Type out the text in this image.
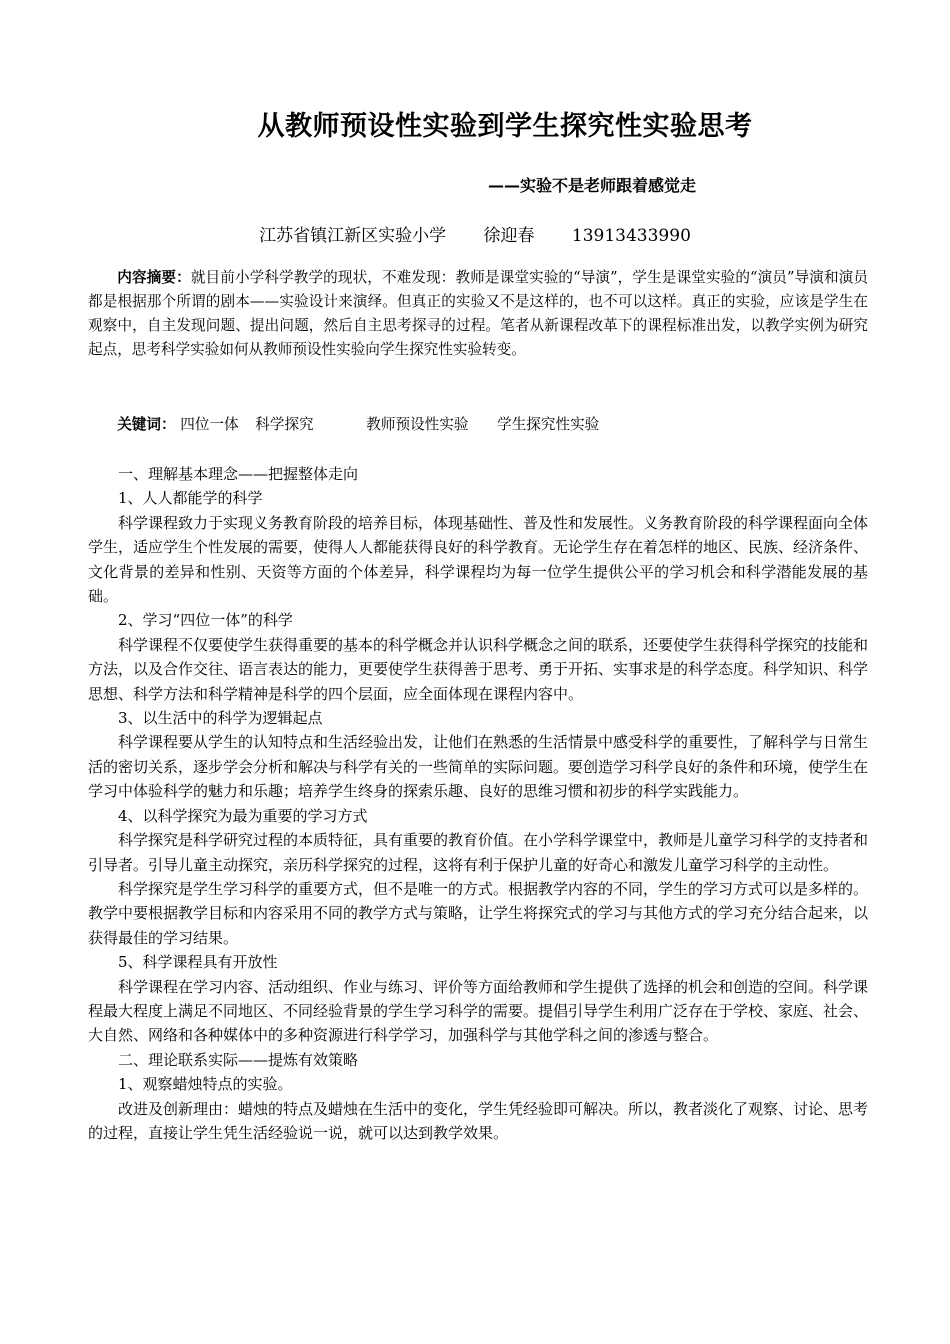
从教师预设性实验到学生探究性实验思考
——实验不是老师跟着感觉走
江苏省镇江新区实验小学 徐迎春 13913433990
内容摘要：就目前小学科学教学的现状，不难发现：教师是课堂实验的“导演”，学生是课堂实验的“演员”导演和演员都是根据那个所谓的剧本——实验设计来演绎。但真正的实验又不是这样的，也不可以这样。真正的实验，应该是学生在观察中，自主发现问题、提出问题，然后自主思考探寻的过程。笔者从新课程改革下的课程标准出发，以教学实例为研究起点，思考科学实验如何从教师预设性实验向学生探究性实验转变。
关键词： 四位一体 科学探究	教师预设性实验 学生探究性实验

一、理解基本理念——把握整体走向

1、人人都能学的科学

科学课程致力于实现义务教育阶段的培养目标，体现基础性、普及性和发展性。义务教育阶段的科学课程面向全体学生，适应学生个性发展的需要，使得人人都能获得良好的科学教育。无论学生存在着怎样的地区、民族、经济条件、文化背景的差异和性别、天资等方面的个体差异，科学课程均为每一位学生提供公平的学习机会和科学潜能发展的基础。

2、学习“四位一体”的科学

科学课程不仅要使学生获得重要的基本的科学概念并认识科学概念之间的联系，还要使学生获得科学探究的技能和方法，以及合作交往、语言表达的能力，更要使学生获得善于思考、勇于开拓、实事求是的科学态度。科学知识、科学思想、科学方法和科学精神是科学的四个层面，应全面体现在课程内容中。

3、以生活中的科学为逻辑起点

科学课程要从学生的认知特点和生活经验出发，让他们在熟悉的生活情景中感受科学的重要性，了解科学与日常生活的密切关系，逐步学会分析和解决与科学有关的一些简单的实际问题。要创造学习科学良好的条件和环境，使学生在学习中体验科学的魅力和乐趣；培养学生终身的探索乐趣、良好的思维习惯和初步的科学实践能力。

4、以科学探究为最为重要的学习方式

科学探究是科学研究过程的本质特征，具有重要的教育价值。在小学科学课堂中，教师是儿童学习科学的支持者和引导者。引导儿童主动探究，亲历科学探究的过程，这将有利于保护儿童的好奇心和激发儿童学习科学的主动性。

科学探究是学生学习科学的重要方式，但不是唯一的方式。根据教学内容的不同，学生的学习方式可以是多样的。教学中要根据教学目标和内容采用不同的教学方式与策略，让学生将探究式的学习与其他方式的学习充分结合起来，以获得最佳的学习结果。

5、科学课程具有开放性

科学课程在学习内容、活动组织、作业与练习、评价等方面给教师和学生提供了选择的机会和创造的空间。科学课程最大程度上满足不同地区、不同经验背景的学生学习科学的需要。提倡引导学生利用广泛存在于学校、家庭、社会、大自然、网络和各种媒体中的多种资源进行科学学习，加强科学与其他学科之间的渗透与整合。

二、理论联系实际——提炼有效策略

1、观察蜡烛特点的实验。

改进及创新理由：蜡烛的特点及蜡烛在生活中的变化，学生凭经验即可解决。所以，教者淡化了观察、讨论、思考的过程，直接让学生凭生活经验说一说，就可以达到教学效果。
